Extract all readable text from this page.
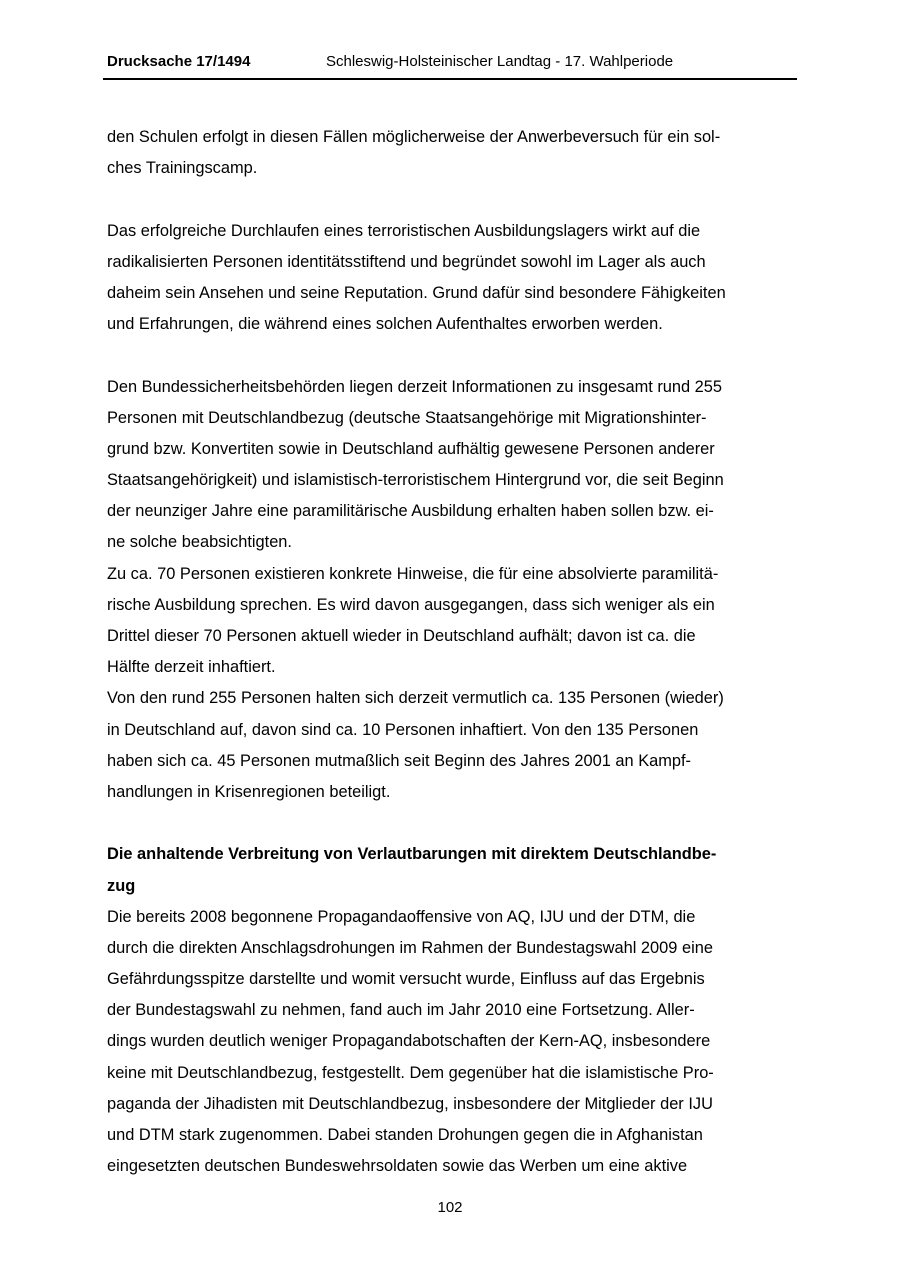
Drucksache 17/1494	Schleswig-Holsteinischer Landtag - 17. Wahlperiode
den Schulen erfolgt in diesen Fällen möglicherweise der Anwerbeversuch für ein sol-
ches Trainingscamp.
Das erfolgreiche Durchlaufen eines terroristischen Ausbildungslagers wirkt auf die
radikalisierten Personen identitätsstiftend und begründet sowohl im Lager als auch
daheim sein Ansehen und seine Reputation. Grund dafür sind besondere Fähigkeiten
und Erfahrungen, die während eines solchen Aufenthaltes erworben werden.
Den Bundessicherheitsbehörden liegen derzeit Informationen zu insgesamt rund 255
Personen mit Deutschlandbezug (deutsche Staatsangehörige mit Migrationshinter-
grund bzw. Konvertiten sowie in Deutschland aufhältig gewesene Personen anderer
Staatsangehörigkeit) und islamistisch-terroristischem Hintergrund vor, die seit Beginn
der neunziger Jahre eine paramilitärische Ausbildung erhalten haben sollen bzw. ei-
ne solche beabsichtigten.
Zu ca. 70 Personen existieren konkrete Hinweise, die für eine absolvierte paramilitä-
rische Ausbildung sprechen. Es wird davon ausgegangen, dass sich weniger als ein
Drittel dieser 70 Personen aktuell wieder in Deutschland aufhält; davon ist ca. die
Hälfte derzeit inhaftiert.
Von den rund 255 Personen halten sich derzeit vermutlich ca. 135 Personen (wieder)
in Deutschland auf, davon sind ca. 10 Personen inhaftiert. Von den 135 Personen
haben sich ca. 45 Personen mutmaßlich seit Beginn des Jahres 2001 an Kampf-
handlungen in Krisenregionen beteiligt.
Die anhaltende Verbreitung von Verlautbarungen mit direktem Deutschlandbe-
zug
Die bereits 2008 begonnene Propagandaoffensive von AQ, IJU und der DTM, die
durch die direkten Anschlagsdrohungen im Rahmen der Bundestagswahl 2009 eine
Gefährdungsspitze darstellte und womit versucht wurde, Einfluss auf das Ergebnis
der Bundestagswahl zu nehmen, fand auch im Jahr 2010 eine Fortsetzung. Aller-
dings wurden deutlich weniger Propagandabotschaften der Kern-AQ, insbesondere
keine mit Deutschlandbezug, festgestellt. Dem gegenüber hat die islamistische Pro-
paganda der Jihadisten mit Deutschlandbezug, insbesondere der Mitglieder der IJU
und DTM stark zugenommen. Dabei standen Drohungen gegen die in Afghanistan
eingesetzten deutschen Bundeswehrsoldaten sowie das Werben um eine aktive
102
